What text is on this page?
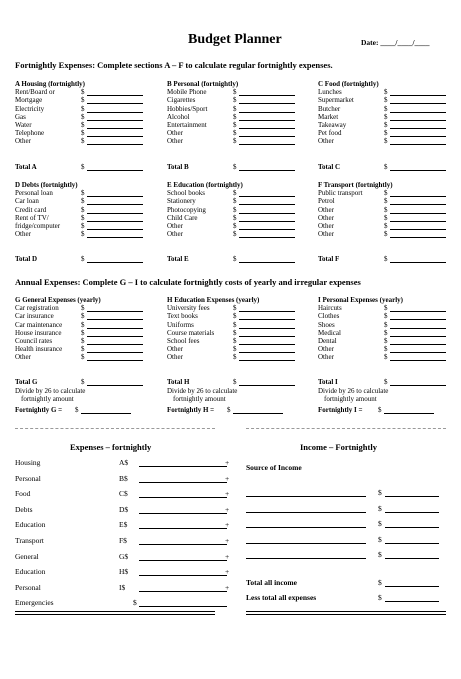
Budget Planner	Date: ____/____/____
Fortnightly Expenses: Complete sections A – F to calculate regular fortnightly expenses.
Annual Expenses: Complete G – I to calculate fortnightly costs of yearly and irregular expenses
A Housing (fortnightly)
Rent/Board or	$
Mortgage	$
Electricity	$
Gas	$
Water	$
Telephone	$
Other	$
B Personal (fortnightly)
Mobile Phone	$
Cigarettes	$
Hobbies/Sport	$
Alcohol	$
Entertainment	$
Other	$
Other	$
C Food (fortnightly)
Lunches	$
Supermarket	$
Butcher	$
Market	$
Takeaway	$
Pet food	$
Other	$
D Debts (fortnightly)
Personal loan	$
Car loan	$
Credit card	$
Rent of TV/	$
fridge/computer	$
Other	$
E Education (fortnightly)
School books	$
Stationery	$
Photocopying	$
Child Care	$
Other	$
Other	$
F Transport (fortnightly)
Public transport	$
Petrol	$
Other	$
Other	$
Other	$
Other	$
Total A	$	Total B	$	Total C	$
Total D	$	Total E	$	Total F	$
G General Expenses (yearly)
Car registration	$
Car insurance	$
Car maintenance	$
House insurance	$
Council rates	$
Health insurance	$
Other	$
H Education Expenses (yearly)
University fees	$
Text books	$
Uniforms	$
Course materials	$
School fees	$
Other	$
Other	$
I Personal Expenses (yearly)
Haircuts	$
Clothes	$
Shoes	$
Medical	$
Dental	$
Other	$
Other	$
Total G	$	Total H	$	Total I	$
Divide by 26 to calculate
fortnightly amount
Divide by 26 to calculate
fortnightly amount
Divide by 26 to calculate
fortnightly amount
Fortnightly G = $	Fortnightly H = $	Fortnightly I = $
Expenses – fortnightly	Income – Fortnightly
Housing	A$	+
Personal	B$	+
Food	C$	+
Debts	D$	+
Education	E$	+
Transport	F$	+
General	G$	+
Education	H$	+
Personal	I$	+
Emergencies	$
Source of Income
$
$
$
$
$
Total all income	$
Less total all expenses	$
